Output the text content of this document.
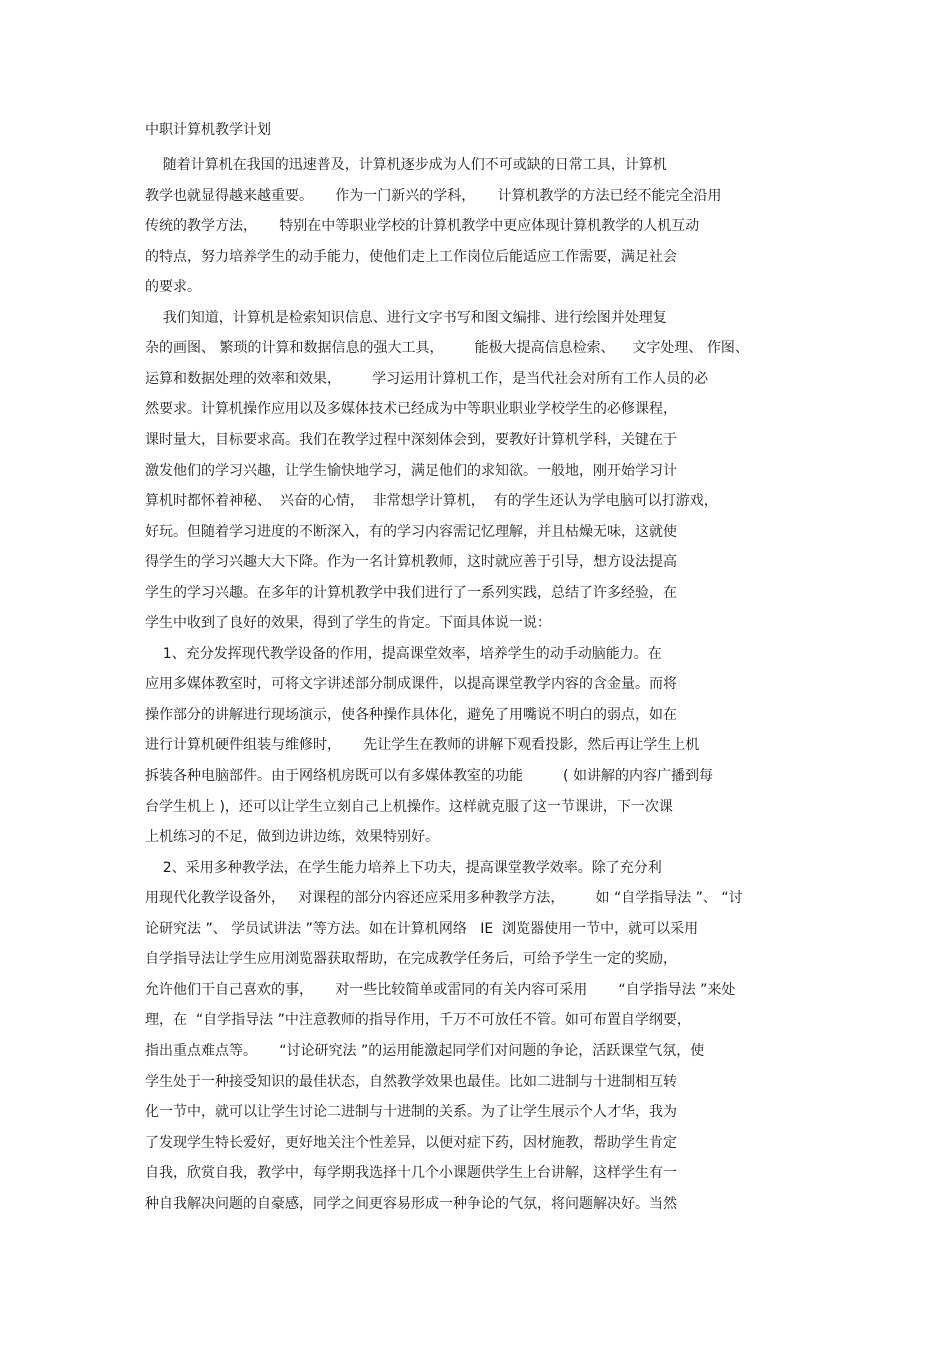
中职计算机教学计划
随着计算机在我国的迅速普及，计算机逐步成为人们不可或缺的日常工具，计算机
教学也就显得越来越重要。     作为一门新兴的学科，     计算机教学的方法已经不能完全沿用
传统的教学方法，     特别在中等职业学校的计算机教学中更应体现计算机教学的人机互动
的特点，努力培养学生的动手能力，使他们走上工作岗位后能适应工作需要，满足社会
的要求。
我们知道，计算机是检索知识信息、进行文字书写和图文编排、进行绘图并处理复
杂的画图、 繁琐的计算和数据信息的强大工具，       能极大提高信息检索、    文字处理、 作图、
运算和数据处理的效率和效果，       学习运用计算机工作，是当代社会对所有工作人员的必
然要求。计算机操作应用以及多媒体技术已经成为中等职业职业学校学生的必修课程，
课时量大，目标要求高。我们在教学过程中深刻体会到，要教好计算机学科，关键在于
激发他们的学习兴趣，让学生愉快地学习，满足他们的求知欲。一般地，刚开始学习计
算机时都怀着神秘、  兴奋的心情，  非常想学计算机，  有的学生还认为学电脑可以打游戏，
好玩。但随着学习进度的不断深入，有的学习内容需记忆理解，并且枯燥无味，这就使
得学生的学习兴趣大大下降。作为一名计算机教师，这时就应善于引导，想方设法提高
学生的学习兴趣。在多年的计算机教学中我们进行了一系列实践，总结了许多经验，在
学生中收到了良好的效果，得到了学生的肯定。下面具体说一说：
1、充分发挥现代教学设备的作用，提高课堂效率，培养学生的动手动脑能力。在
应用多媒体教室时，可将文字讲述部分制成课件，以提高课堂教学内容的含金量。而将
操作部分的讲解进行现场演示，使各种操作具体化，避免了用嘴说不明白的弱点，如在
进行计算机硬件组装与维修时，     先让学生在教师的讲解下观看投影，然后再让学生上机
拆装各种电脑部件。由于网络机房既可以有多媒体教室的功能         ( 如讲解的内容广播到每
台学生机上 )，还可以让学生立刻自己上机操作。这样就克服了这一节课讲，下一次课
上机练习的不足，做到边讲边练，效果特别好。
2、采用多种教学法，在学生能力培养上下功夫，提高课堂教学效率。除了充分利
用现代化教学设备外，   对课程的部分内容还应采用多种教学方法，       如 “自学指导法 ”、 “讨
论研究法 ”、 学员试讲法 ”等方法。如在计算机网络   IE  浏览器使用一节中，就可以采用
自学指导法让学生应用浏览器获取帮助，在完成教学任务后，可给予学生一定的奖励，
允许他们干自己喜欢的事，     对一些比较简单或雷同的有关内容可采用       “自学指导法 ”来处
理，在  “自学指导法 ”中注意教师的指导作用，千万不可放任不管。如可布置自学纲要，
指出重点难点等。     “讨论研究法 ”的运用能激起同学们对问题的争论，活跃课堂气氛，使
学生处于一种接受知识的最佳状态，自然教学效果也最佳。比如二进制与十进制相互转
化一节中，就可以让学生讨论二进制与十进制的关系。为了让学生展示个人才华，我为
了发现学生特长爱好，更好地关注个性差异，以便对症下药，因材施教，帮助学生肯定
自我，欣赏自我，教学中，每学期我选择十几个小课题供学生上台讲解，这样学生有一
种自我解决问题的自豪感，同学之间更容易形成一种争论的气氛，将问题解决好。当然
